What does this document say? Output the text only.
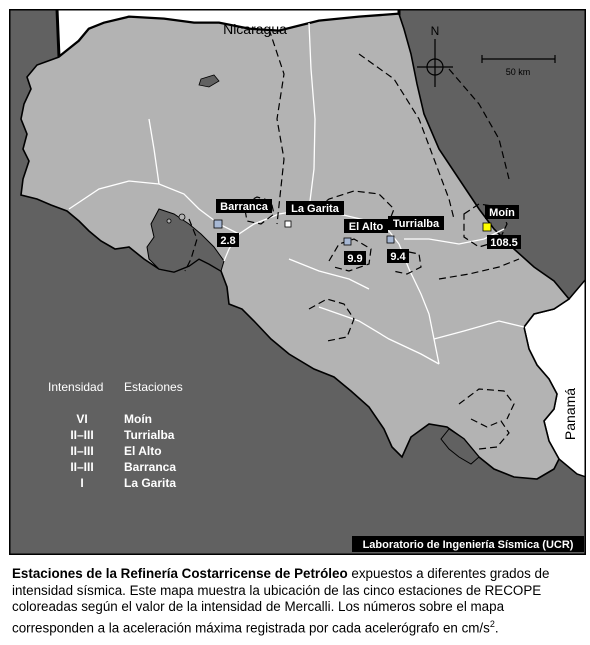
N
50 km
Nicaragua
Panamá
Barranca
2.8
La Garita
El Alto
9.9
Turrialba
9.4
Moín
108.5
Intensidad Estaciones
VI	Moín
II–III	Turrialba
II–III	El Alto
II–III	Barranca
I	La Garita
Laboratorio de Ingeniería Sísmica (UCR)
Estaciones de la Refinería Costarricense de Petróleo expuestos a diferentes grados de intensidad sísmica. Este mapa muestra la ubicación de las cinco estaciones de RECOPE coloreadas según el valor de la intensidad de Mercalli. Los números sobre el mapa corresponden a la aceleración máxima registrada por cada acelerógrafo en $cm/s^2$.
